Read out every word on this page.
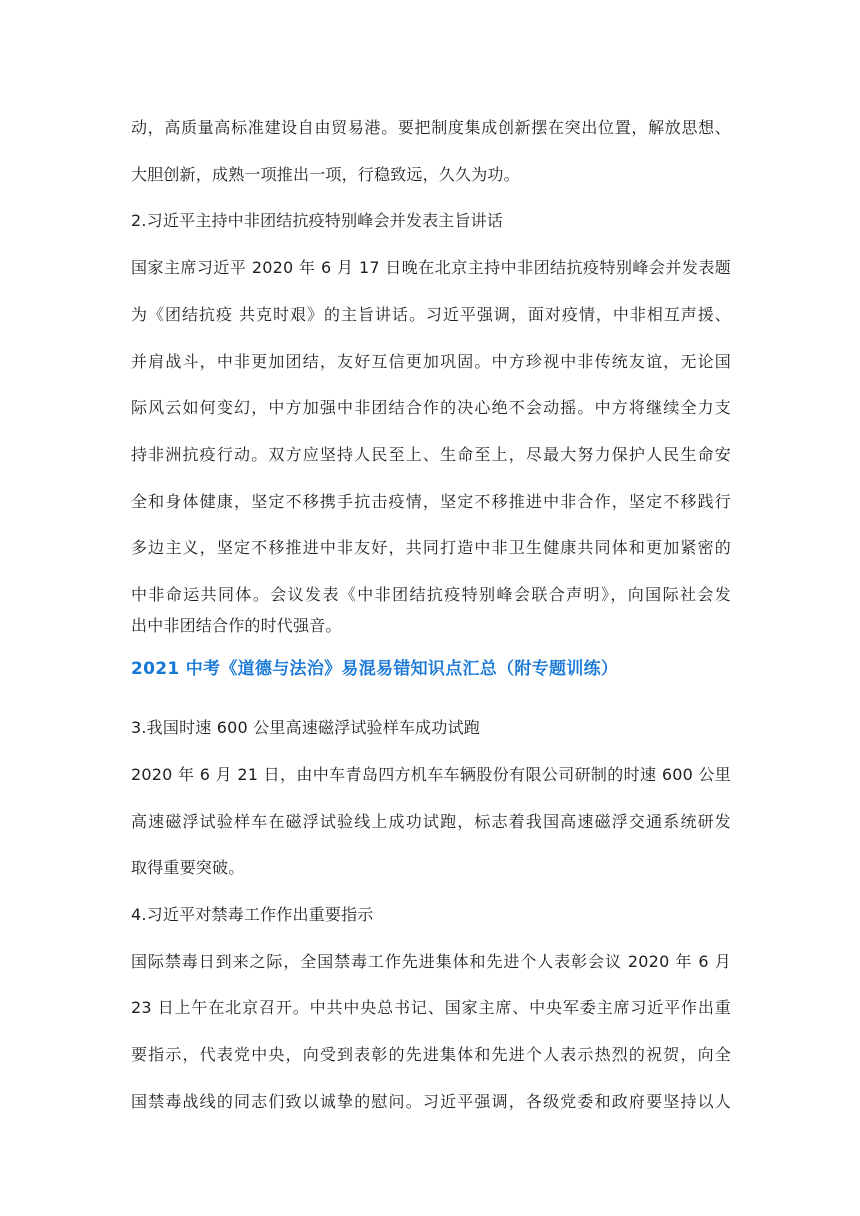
动，高质量高标准建设自由贸易港。要把制度集成创新摆在突出位置，解放思想、
大胆创新，成熟一项推出一项，行稳致远，久久为功。
2.习近平主持中非团结抗疫特别峰会并发表主旨讲话
国家主席习近平 2020 年 6 月 17 日晚在北京主持中非团结抗疫特别峰会并发表题
为《团结抗疫 共克时艰》的主旨讲话。习近平强调，面对疫情，中非相互声援、
并肩战斗，中非更加团结，友好互信更加巩固。中方珍视中非传统友谊，无论国
际风云如何变幻，中方加强中非团结合作的决心绝不会动摇。中方将继续全力支
持非洲抗疫行动。双方应坚持人民至上、生命至上，尽最大努力保护人民生命安
全和身体健康，坚定不移携手抗击疫情，坚定不移推进中非合作，坚定不移践行
多边主义，坚定不移推进中非友好，共同打造中非卫生健康共同体和更加紧密的
中非命运共同体。会议发表《中非团结抗疫特别峰会联合声明》，向国际社会发
出中非团结合作的时代强音。
2021 中考《道德与法治》易混易错知识点汇总（附专题训练）
3.我国时速 600 公里高速磁浮试验样车成功试跑
2020 年 6 月 21 日，由中车青岛四方机车车辆股份有限公司研制的时速 600 公里
高速磁浮试验样车在磁浮试验线上成功试跑，标志着我国高速磁浮交通系统研发
取得重要突破。
4.习近平对禁毒工作作出重要指示
国际禁毒日到来之际，全国禁毒工作先进集体和先进个人表彰会议 2020 年 6 月
23 日上午在北京召开。中共中央总书记、国家主席、中央军委主席习近平作出重
要指示，代表党中央，向受到表彰的先进集体和先进个人表示热烈的祝贺，向全
国禁毒战线的同志们致以诚挚的慰问。习近平强调，各级党委和政府要坚持以人
